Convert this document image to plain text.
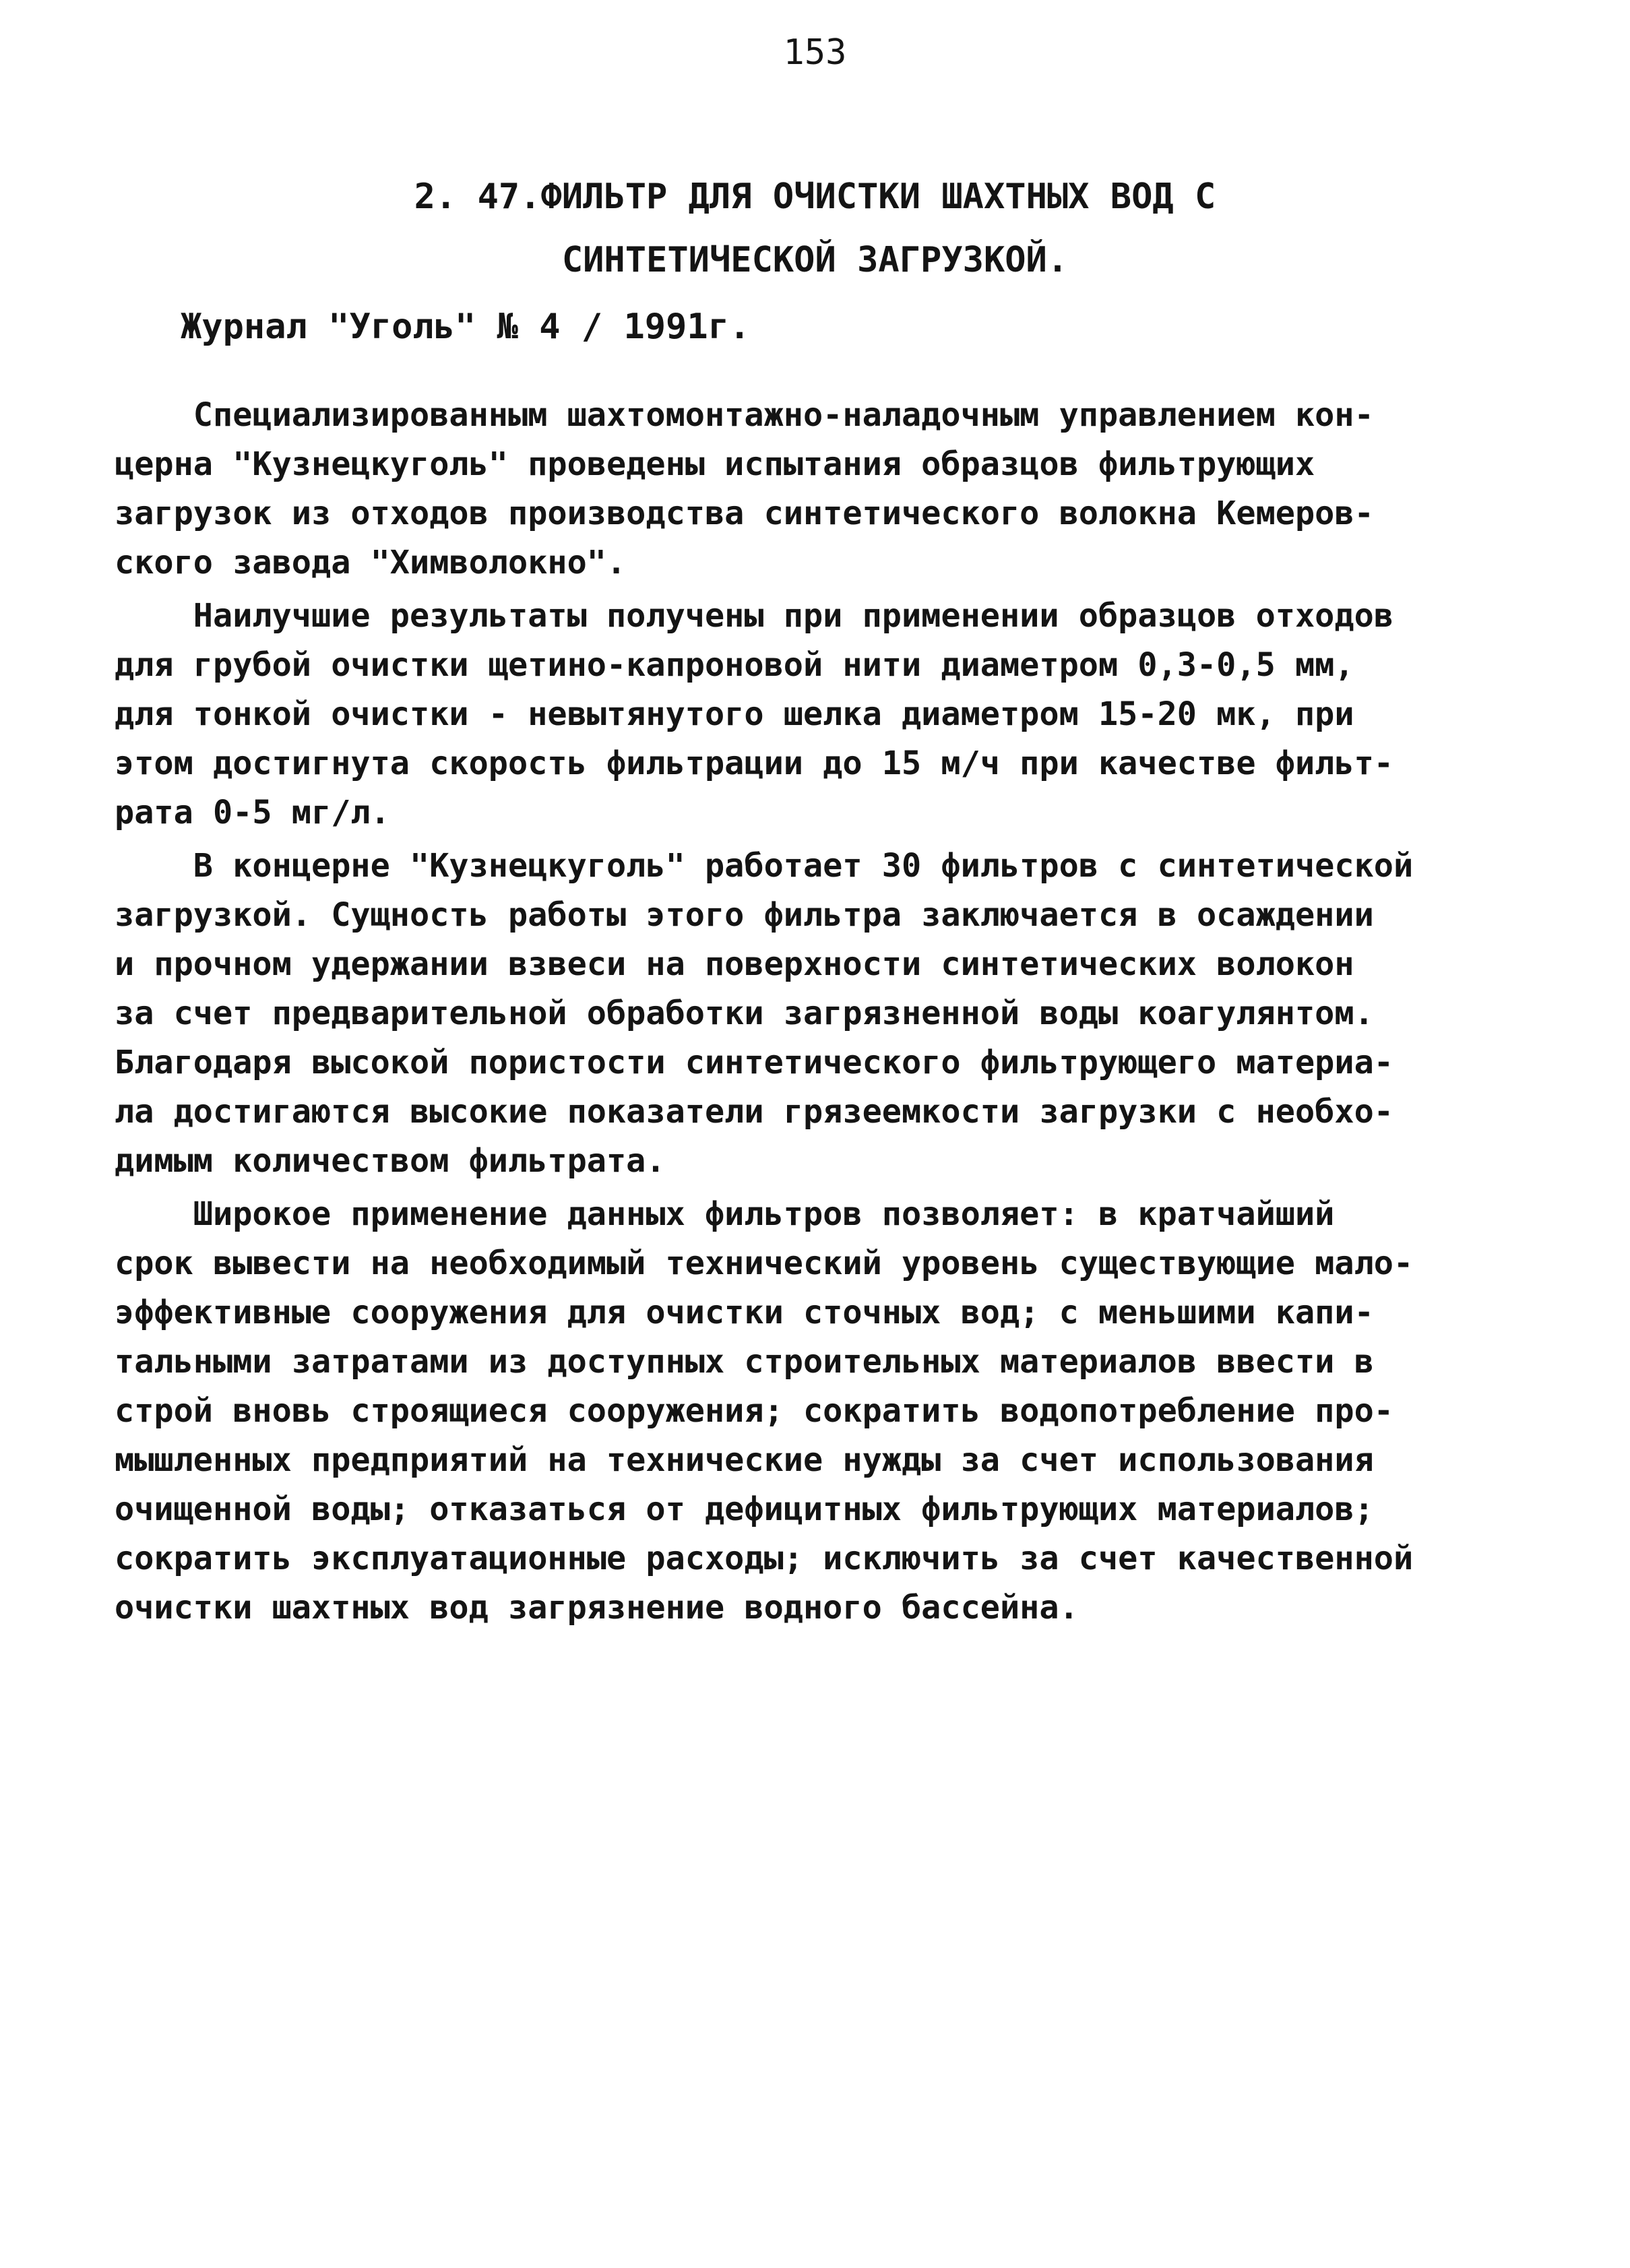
153
2. 47.ФИЛЬТР ДЛЯ ОЧИСТКИ ШАХТНЫХ ВОД С
СИНТЕТИЧЕСКОЙ ЗАГРУЗКОЙ.
Журнал "Уголь" № 4 / 1991г.
Специализированным шахтомонтажно-наладочным управлением кон-
церна "Кузнецкуголь" проведены испытания образцов фильтрующих
загрузок из отходов производства синтетического волокна Кемеров-
ского завода "Химволокно".
Наилучшие результаты получены при применении образцов отходов
для грубой очистки щетино-капроновой нити диаметром 0,3-0,5 мм,
для тонкой очистки - невытянутого шелка диаметром 15-20 мк, при
этом достигнута скорость фильтрации до 15 м/ч при качестве фильт-
рата 0-5 мг/л.
В концерне "Кузнецкуголь" работает 30 фильтров с синтетической
загрузкой. Сущность работы этого фильтра заключается в осаждении
и прочном удержании взвеси на поверхности синтетических волокон
за счет предварительной обработки загрязненной воды коагулянтом.
Благодаря высокой пористости синтетического фильтрующего материа-
ла достигаются высокие показатели грязеемкости загрузки с необхо-
димым количеством фильтрата.
Широкое применение данных фильтров позволяет: в кратчайший
срок вывести на необходимый технический уровень существующие мало-
эффективные сооружения для очистки сточных вод; с меньшими капи-
тальными затратами из доступных строительных материалов ввести в
строй вновь строящиеся сооружения; сократить водопотребление про-
мышленных предприятий на технические нужды за счет использования
очищенной воды; отказаться от дефицитных фильтрующих материалов;
сократить эксплуатационные расходы; исключить за счет качественной
очистки шахтных вод загрязнение водного бассейна.
